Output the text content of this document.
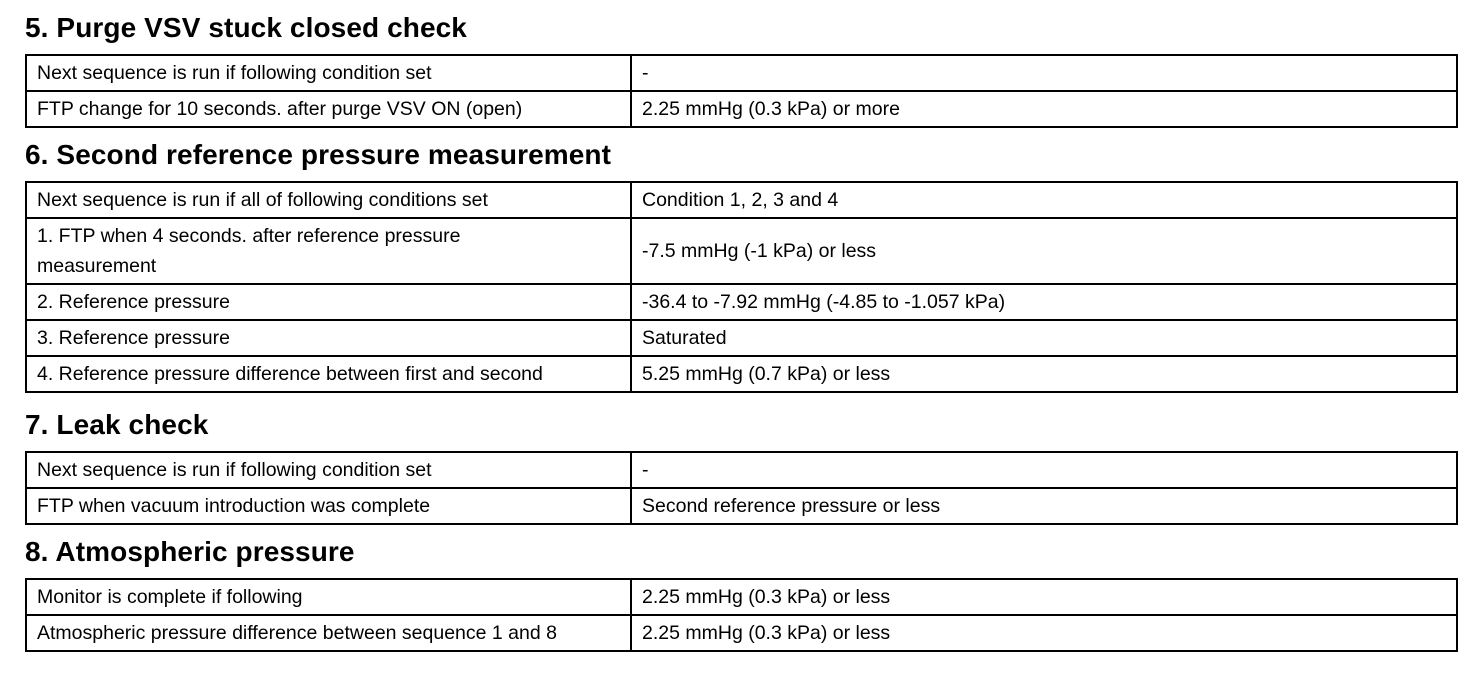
5. Purge VSV stuck closed check
Next sequence is run if following condition set	-
FTP change for 10 seconds. after purge VSV ON (open)	2.25 mmHg (0.3 kPa) or more
6. Second reference pressure measurement
Next sequence is run if all of following conditions set	Condition 1, 2, 3 and 4
1. FTP when 4 seconds. after reference pressure measurement	-7.5 mmHg (-1 kPa) or less
2. Reference pressure	-36.4 to -7.92 mmHg (-4.85 to -1.057 kPa)
3. Reference pressure	Saturated
4. Reference pressure difference between first and second	5.25 mmHg (0.7 kPa) or less
7. Leak check
Next sequence is run if following condition set	-
FTP when vacuum introduction was complete	Second reference pressure or less
8. Atmospheric pressure
Monitor is complete if following	2.25 mmHg (0.3 kPa) or less
Atmospheric pressure difference between sequence 1 and 8	2.25 mmHg (0.3 kPa) or less
